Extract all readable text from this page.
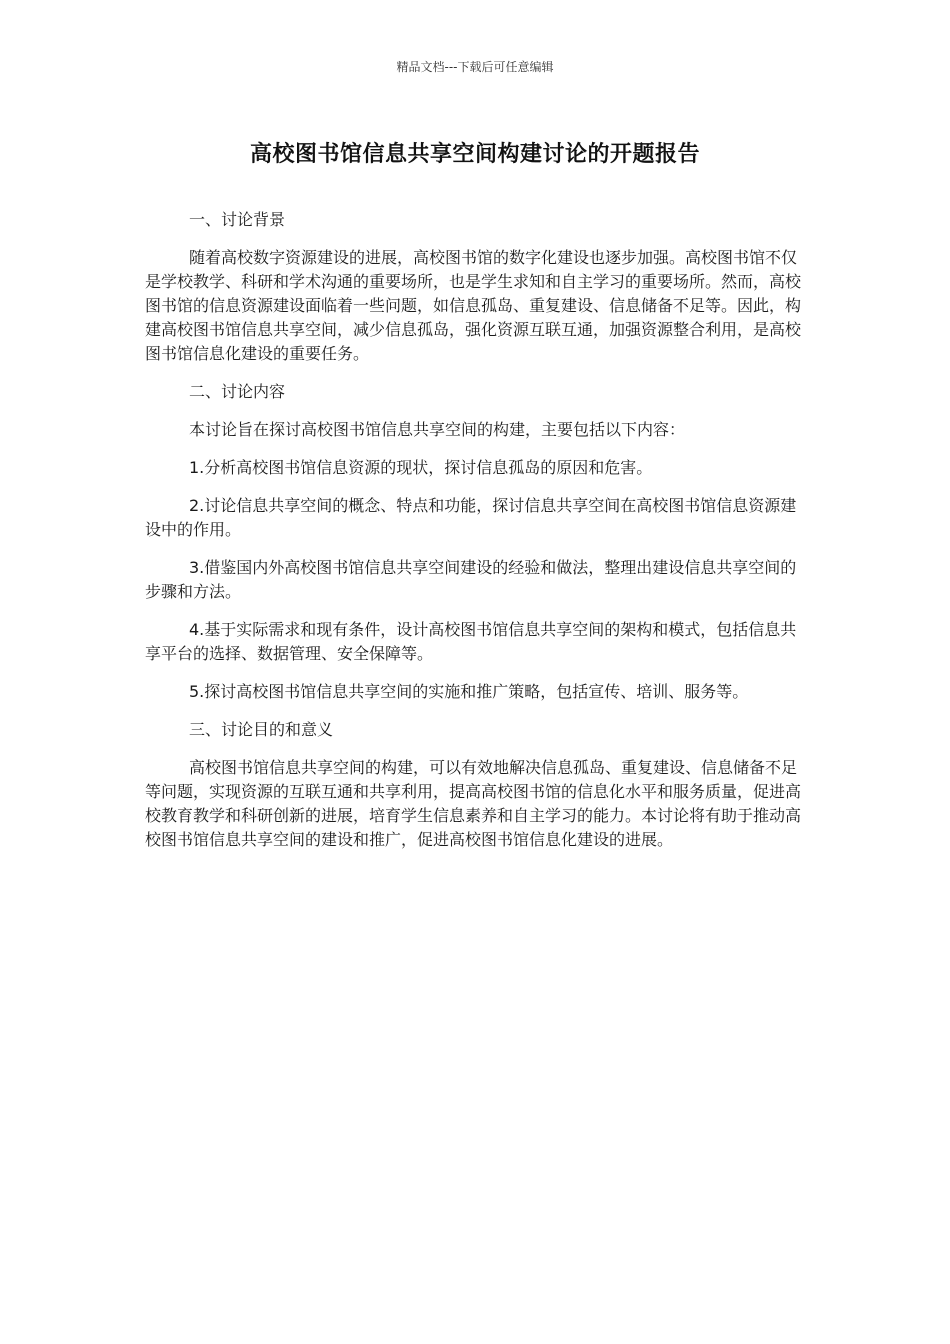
精品文档---下载后可任意编辑
高校图书馆信息共享空间构建讨论的开题报告

一、讨论背景

随着高校数字资源建设的进展，高校图书馆的数字化建设也逐步加强。高校图书馆不仅是学校教学、科研和学术沟通的重要场所，也是学生求知和自主学习的重要场所。然而，高校图书馆的信息资源建设面临着一些问题，如信息孤岛、重复建设、信息储备不足等。因此，构建高校图书馆信息共享空间，减少信息孤岛，强化资源互联互通，加强资源整合利用，是高校图书馆信息化建设的重要任务。

二、讨论内容

本讨论旨在探讨高校图书馆信息共享空间的构建，主要包括以下内容：

1.分析高校图书馆信息资源的现状，探讨信息孤岛的原因和危害。

2.讨论信息共享空间的概念、特点和功能，探讨信息共享空间在高校图书馆信息资源建设中的作用。

3.借鉴国内外高校图书馆信息共享空间建设的经验和做法，整理出建设信息共享空间的步骤和方法。

4.基于实际需求和现有条件，设计高校图书馆信息共享空间的架构和模式，包括信息共享平台的选择、数据管理、安全保障等。

5.探讨高校图书馆信息共享空间的实施和推广策略，包括宣传、培训、服务等。

三、讨论目的和意义

高校图书馆信息共享空间的构建，可以有效地解决信息孤岛、重复建设、信息储备不足等问题，实现资源的互联互通和共享利用，提高高校图书馆的信息化水平和服务质量，促进高校教育教学和科研创新的进展，培育学生信息素养和自主学习的能力。本讨论将有助于推动高校图书馆信息共享空间的建设和推广，促进高校图书馆信息化建设的进展。
